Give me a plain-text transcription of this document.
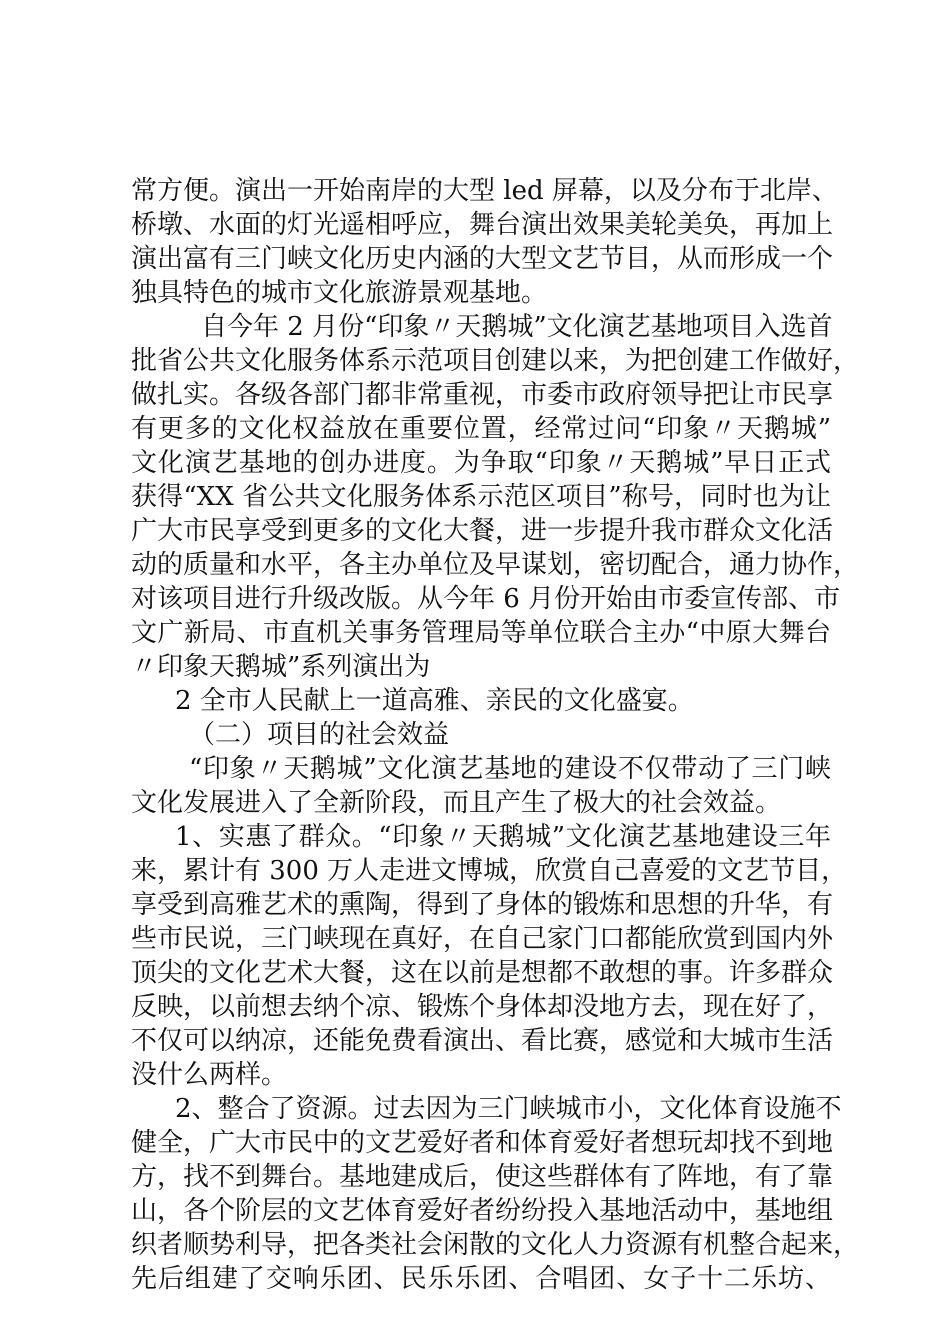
常方便。演出一开始南岸的大型 led 屏幕，以及分布于北岸、
桥墩、水面的灯光遥相呼应，舞台演出效果美轮美奂，再加上
演出富有三门峡文化历史内涵的大型文艺节目，从而形成一个
独具特色的城市文化旅游景观基地。
自今年 2 月份“印象〃天鹅城”文化演艺基地项目入选首
批省公共文化服务体系示范项目创建以来，为把创建工作做好，
做扎实。各级各部门都非常重视，市委市政府领导把让市民享
有更多的文化权益放在重要位置，经常过问“印象〃天鹅城”
文化演艺基地的创办进度。为争取“印象〃天鹅城”早日正式
获得“XX 省公共文化服务体系示范区项目”称号，同时也为让
广大市民享受到更多的文化大餐，进一步提升我市群众文化活
动的质量和水平，各主办单位及早谋划，密切配合，通力协作，
对该项目进行升级改版。从今年 6 月份开始由市委宣传部、市
文广新局、市直机关事务管理局等单位联合主办“中原大舞台
〃印象天鹅城”系列演出为
2 全市人民献上一道高雅、亲民的文化盛宴。
（二）项目的社会效益
“印象〃天鹅城”文化演艺基地的建设不仅带动了三门峡
文化发展进入了全新阶段，而且产生了极大的社会效益。
1、实惠了群众。“印象〃天鹅城”文化演艺基地建设三年
来，累计有 300 万人走进文博城，欣赏自己喜爱的文艺节目，
享受到高雅艺术的熏陶，得到了身体的锻炼和思想的升华，有
些市民说，三门峡现在真好，在自己家门口都能欣赏到国内外
顶尖的文化艺术大餐，这在以前是想都不敢想的事。许多群众
反映，以前想去纳个凉、锻炼个身体却没地方去，现在好了，
不仅可以纳凉，还能免费看演出、看比赛，感觉和大城市生活
没什么两样。
2、整合了资源。过去因为三门峡城市小，文化体育设施不
健全，广大市民中的文艺爱好者和体育爱好者想玩却找不到地
方，找不到舞台。基地建成后，使这些群体有了阵地，有了靠
山，各个阶层的文艺体育爱好者纷纷投入基地活动中，基地组
织者顺势利导，把各类社会闲散的文化人力资源有机整合起来，
先后组建了交响乐团、民乐乐团、合唱团、女子十二乐坊、
